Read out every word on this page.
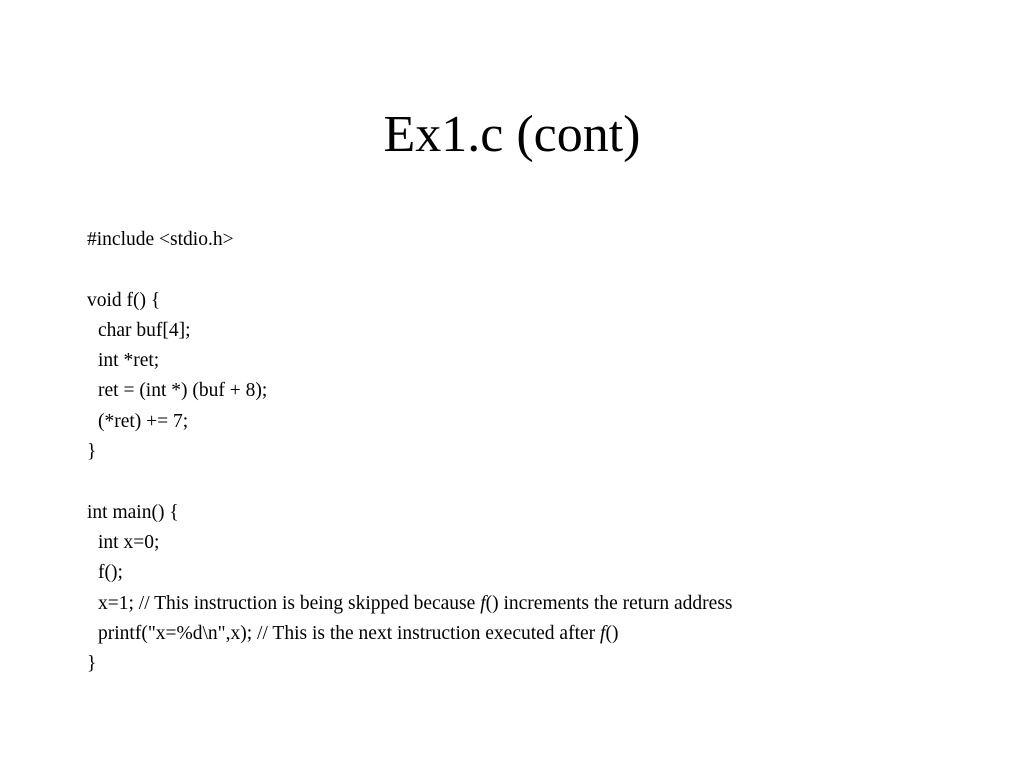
Ex1.c (cont)
#include <stdio.h>
void f() {
char buf[4];
int *ret;
ret = (int *) (buf + 8);
(*ret) += 7;
}
int main() {
int x=0;
f();
x=1; // This instruction is being skipped because f() increments the return address
printf("x=%d\n",x); // This is the next instruction executed after f()
}
